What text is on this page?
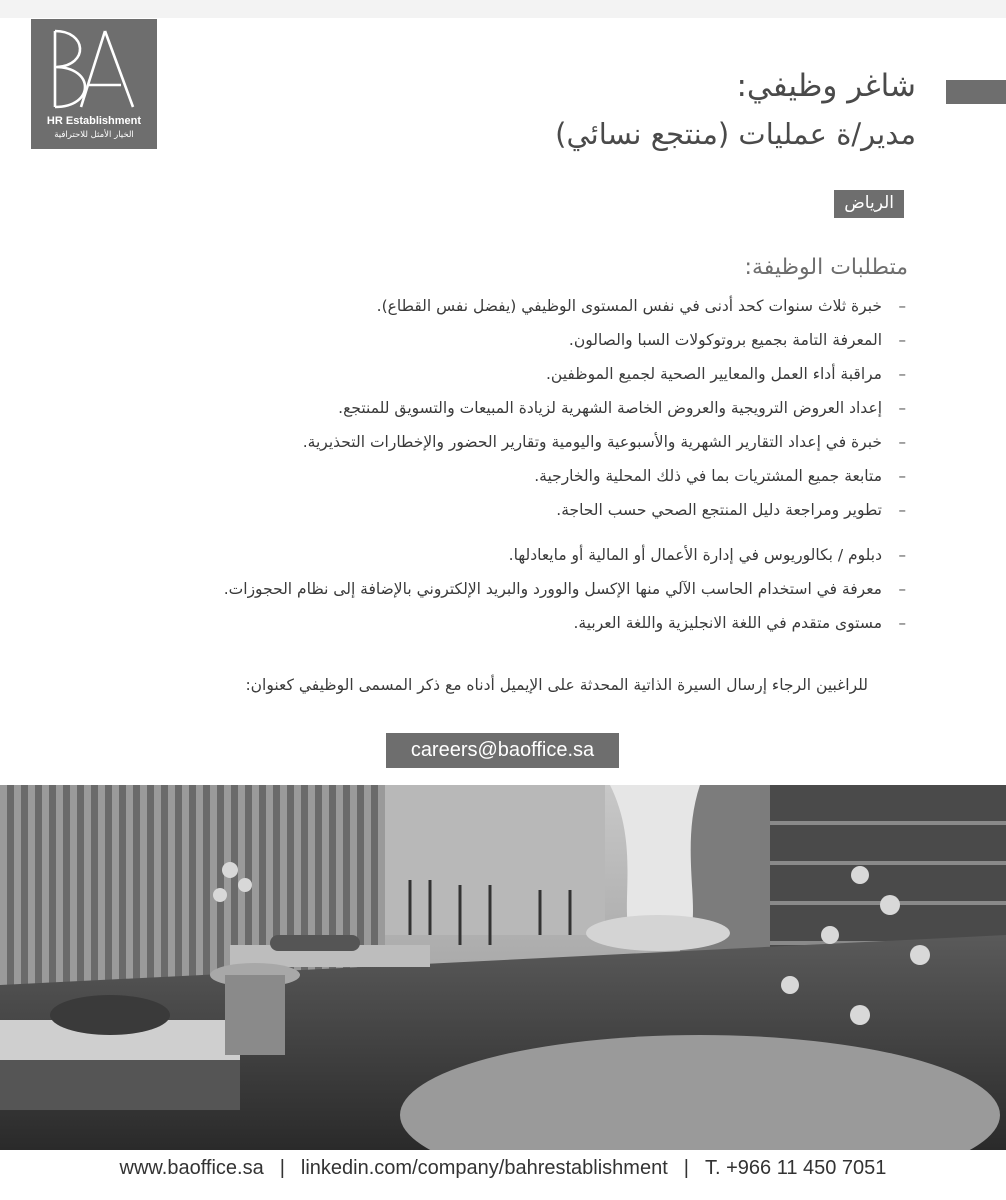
HR Establishment
الخيار الأمثل للاحترافية
شاغر وظيفي:
مدير/ة عمليات (منتجع نسائي)
الرياض
متطلبات الوظيفة:
–
خبرة ثلاث سنوات كحد أدنى في نفس المستوى الوظيفي (يفضل نفس القطاع).
–
المعرفة التامة بجميع بروتوكولات السبا والصالون.
–
مراقبة أداء العمل والمعايير الصحية لجميع الموظفين.
–
إعداد العروض الترويجية والعروض الخاصة الشهرية لزيادة المبيعات والتسويق للمنتجع.
–
خبرة في إعداد التقارير الشهرية والأسبوعية واليومية وتقارير الحضور والإخطارات التحذيرية.
–
متابعة جميع المشتريات بما في ذلك المحلية والخارجية.
–
تطوير ومراجعة دليل المنتجع الصحي حسب الحاجة.
–
دبلوم / بكالوريوس في إدارة الأعمال أو المالية أو مايعادلها.
–
معرفة في استخدام الحاسب الآلي منها الإكسل والوورد والبريد الإلكتروني بالإضافة إلى نظام الحجوزات.
–
مستوى متقدم في اللغة الانجليزية واللغة العربية.
للراغبين الرجاء إرسال السيرة الذاتية المحدثة على الإيميل أدناه مع ذكر المسمى الوظيفي كعنوان:
careers@baoffice.sa
www.baoffice.sa | linkedin.com/company/bahrestablishment | T. +966 11 450 7051
